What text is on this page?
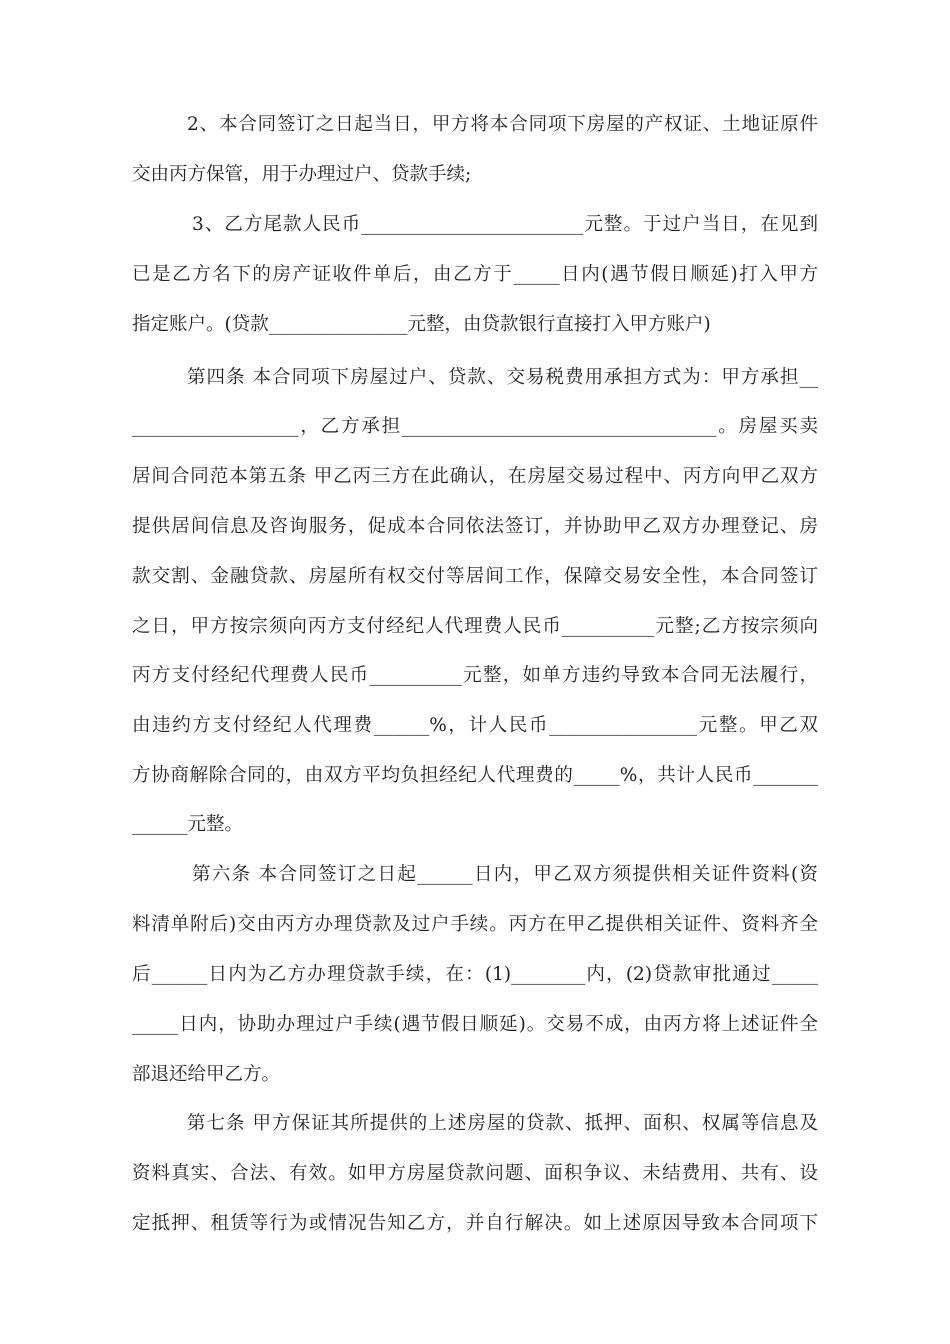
2、本合同签订之日起当日，甲方将本合同项下房屋的产权证、土地证原件
交由丙方保管，用于办理过户、贷款手续;
3、乙方尾款人民币________________________元整。于过户当日，在见到
已是乙方名下的房产证收件单后，由乙方于_____日内(遇节假日顺延)打入甲方
指定账户。(贷款_______________元整，由贷款银行直接打入甲方账户)
第四条 本合同项下房屋过户、贷款、交易税费用承担方式为：甲方承担__
__________________，乙方承担__________________________________。房屋买卖
居间合同范本第五条 甲乙丙三方在此确认，在房屋交易过程中、丙方向甲乙双方
提供居间信息及咨询服务，促成本合同依法签订，并协助甲乙双方办理登记、房
款交割、金融贷款、房屋所有权交付等居间工作，保障交易安全性，本合同签订
之日，甲方按宗须向丙方支付经纪人代理费人民币__________元整;乙方按宗须向
丙方支付经纪代理费人民币__________元整，如单方违约导致本合同无法履行，
由违约方支付经纪人代理费______%，计人民币________________元整。甲乙双
方协商解除合同的，由双方平均负担经纪人代理费的_____%，共计人民币_______
______元整。
第六条 本合同签订之日起______日内，甲乙双方须提供相关证件资料(资
料清单附后)交由丙方办理贷款及过户手续。丙方在甲乙提供相关证件、资料齐全
后______日内为乙方办理贷款手续，在：(1)________内，(2)贷款审批通过_____
_____日内，协助办理过户手续(遇节假日顺延)。交易不成，由丙方将上述证件全
部退还给甲乙方。
第七条 甲方保证其所提供的上述房屋的贷款、抵押、面积、权属等信息及
资料真实、合法、有效。如甲方房屋贷款问题、面积争议、未结费用、共有、设
定抵押、租赁等行为或情况告知乙方，并自行解决。如上述原因导致本合同项下
